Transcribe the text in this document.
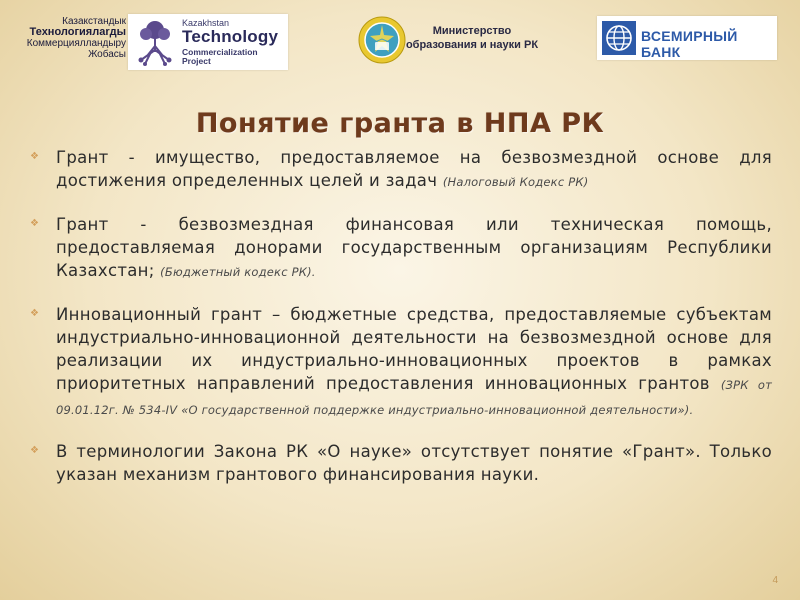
Казакстандык
Технологиялarды
Коммерциялландыру
Жобасы
Kazakhstan
Technology
Commercialization
Project
Министерство
образования и науки РК
ВСЕМИРНЫЙ БАНК
Понятие гранта в НПА РК
❖ Грант - имущество, предоставляемое на безвозмездной основе для достижения определенных целей и задач (Налоговый Кодекс РК)
❖ Грант - безвозмездная финансовая или техническая помощь, предоставляемая донорами государственным организациям Республики Казахстан; (Бюджетный кодекс РК).
❖ Инновационный грант – бюджетные средства, предоставляемые субъектам индустриально-инновационной деятельности на безвозмездной основе для реализации их индустриально-инновационных проектов в рамках приоритетных направлений предоставления инновационных грантов (ЗРК от 09.01.12г. № 534-IV «О государственной поддержке индустриально-инновационной деятельности»).
❖ В терминологии Закона РК «О науке» отсутствует понятие «Грант». Только указан механизм грантового финансирования науки.
4
